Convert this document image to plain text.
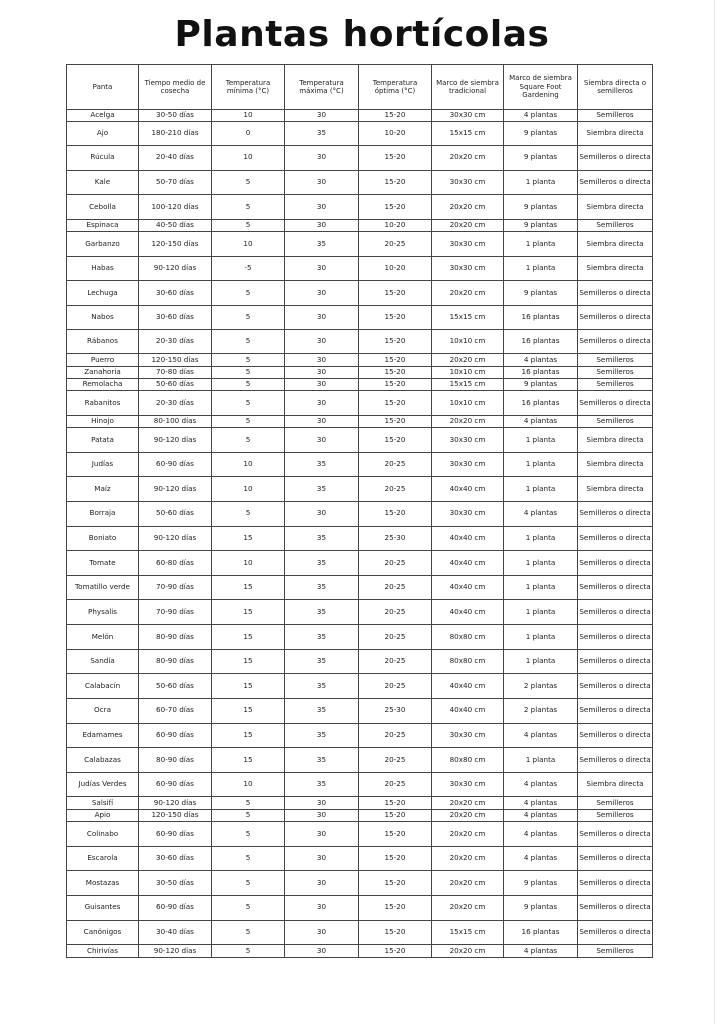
Plantas hortícolas
Panta	Tiempo medio de cosecha	Temperatura mínima (°C)	Temperatura máxima (°C)	Temperatura óptima (°C)	Marco de siembra tradicional	Marco de siembra Square Foot Gardening	Siembra directa o semilleros
Acelga	30-50 días	10	30	15-20	30x30 cm	4 plantas	Semilleros
Ajo	180-210 días	0	35	10-20	15x15 cm	9 plantas	Siembra directa
Rúcula	20-40 días	10	30	15-20	20x20 cm	9 plantas	Semilleros o directa
Kale	50-70 días	5	30	15-20	30x30 cm	1 planta	Semilleros o directa
Cebolla	100-120 días	5	30	15-20	20x20 cm	9 plantas	Siembra directa
Espinaca	40-50 días	5	30	10-20	20x20 cm	9 plantas	Semilleros
Garbanzo	120-150 días	10	35	20-25	30x30 cm	1 planta	Siembra directa
Habas	90-120 días	-5	30	10-20	30x30 cm	1 planta	Siembra directa
Lechuga	30-60 días	5	30	15-20	20x20 cm	9 plantas	Semilleros o directa
Nabos	30-60 días	5	30	15-20	15x15 cm	16 plantas	Semilleros o directa
Rábanos	20-30 días	5	30	15-20	10x10 cm	16 plantas	Semilleros o directa
Puerro	120-150 días	5	30	15-20	20x20 cm	4 plantas	Semilleros
Zanahoria	70-80 días	5	30	15-20	10x10 cm	16 plantas	Semilleros
Remolacha	50-60 días	5	30	15-20	15x15 cm	9 plantas	Semilleros
Rabanitos	20-30 días	5	30	15-20	10x10 cm	16 plantas	Semilleros o directa
Hinojo	80-100 días	5	30	15-20	20x20 cm	4 plantas	Semilleros
Patata	90-120 días	5	30	15-20	30x30 cm	1 planta	Siembra directa
Judías	60-90 días	10	35	20-25	30x30 cm	1 planta	Siembra directa
Maíz	90-120 días	10	35	20-25	40x40 cm	1 planta	Siembra directa
Borraja	50-60 días	5	30	15-20	30x30 cm	4 plantas	Semilleros o directa
Boniato	90-120 días	15	35	25-30	40x40 cm	1 planta	Semilleros o directa
Tomate	60-80 días	10	35	20-25	40x40 cm	1 planta	Semilleros o directa
Tomatillo verde	70-90 días	15	35	20-25	40x40 cm	1 planta	Semilleros o directa
Physalis	70-90 días	15	35	20-25	40x40 cm	1 planta	Semilleros o directa
Melón	80-90 días	15	35	20-25	80x80 cm	1 planta	Semilleros o directa
Sandía	80-90 días	15	35	20-25	80x80 cm	1 planta	Semilleros o directa
Calabacín	50-60 días	15	35	20-25	40x40 cm	2 plantas	Semilleros o directa
Ocra	60-70 días	15	35	25-30	40x40 cm	2 plantas	Semilleros o directa
Edamames	60-90 días	15	35	20-25	30x30 cm	4 plantas	Semilleros o directa
Calabazas	80-90 días	15	35	20-25	80x80 cm	1 planta	Semilleros o directa
Judías Verdes	60-90 días	10	35	20-25	30x30 cm	4 plantas	Siembra directa
Salsifí	90-120 días	5	30	15-20	20x20 cm	4 plantas	Semilleros
Apio	120-150 días	5	30	15-20	20x20 cm	4 plantas	Semilleros
Colinabo	60-90 días	5	30	15-20	20x20 cm	4 plantas	Semilleros o directa
Escarola	30-60 días	5	30	15-20	20x20 cm	4 plantas	Semilleros o directa
Mostazas	30-50 días	5	30	15-20	20x20 cm	9 plantas	Semilleros o directa
Guisantes	60-90 días	5	30	15-20	20x20 cm	9 plantas	Semilleros o directa
Canónigos	30-40 días	5	30	15-20	15x15 cm	16 plantas	Semilleros o directa
Chirivías	90-120 días	5	30	15-20	20x20 cm	4 plantas	Semilleros
